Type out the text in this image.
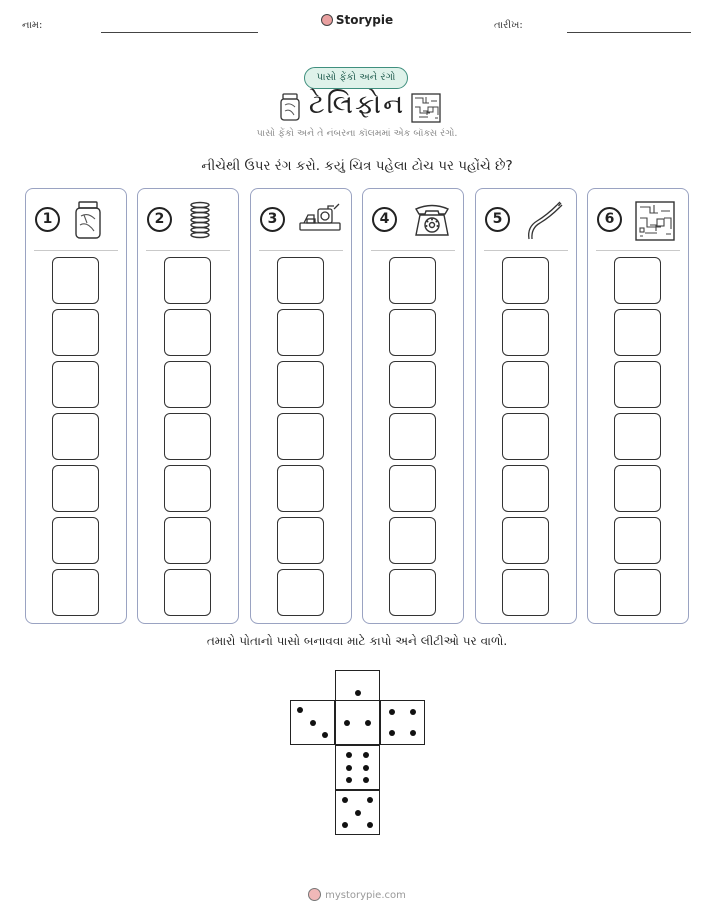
નામ:	Storypie	તારીખ:
પાસો ફેંકો અને રંગો
ટેલિફોન
પાસો ફેંકો અને તે નંબરના કૉલમમાં એક બૉક્સ રંગો.
નીચેથી ઉપર રંગ કરો. કયું ચિત્ર પહેલા ટોચ પર પહોંચે છે?
1	2	3	4	5	6
તમારો પોતાનો પાસો બનાવવા માટે કાપો અને લીટીઓ પર વાળો.
mystorypie.com
